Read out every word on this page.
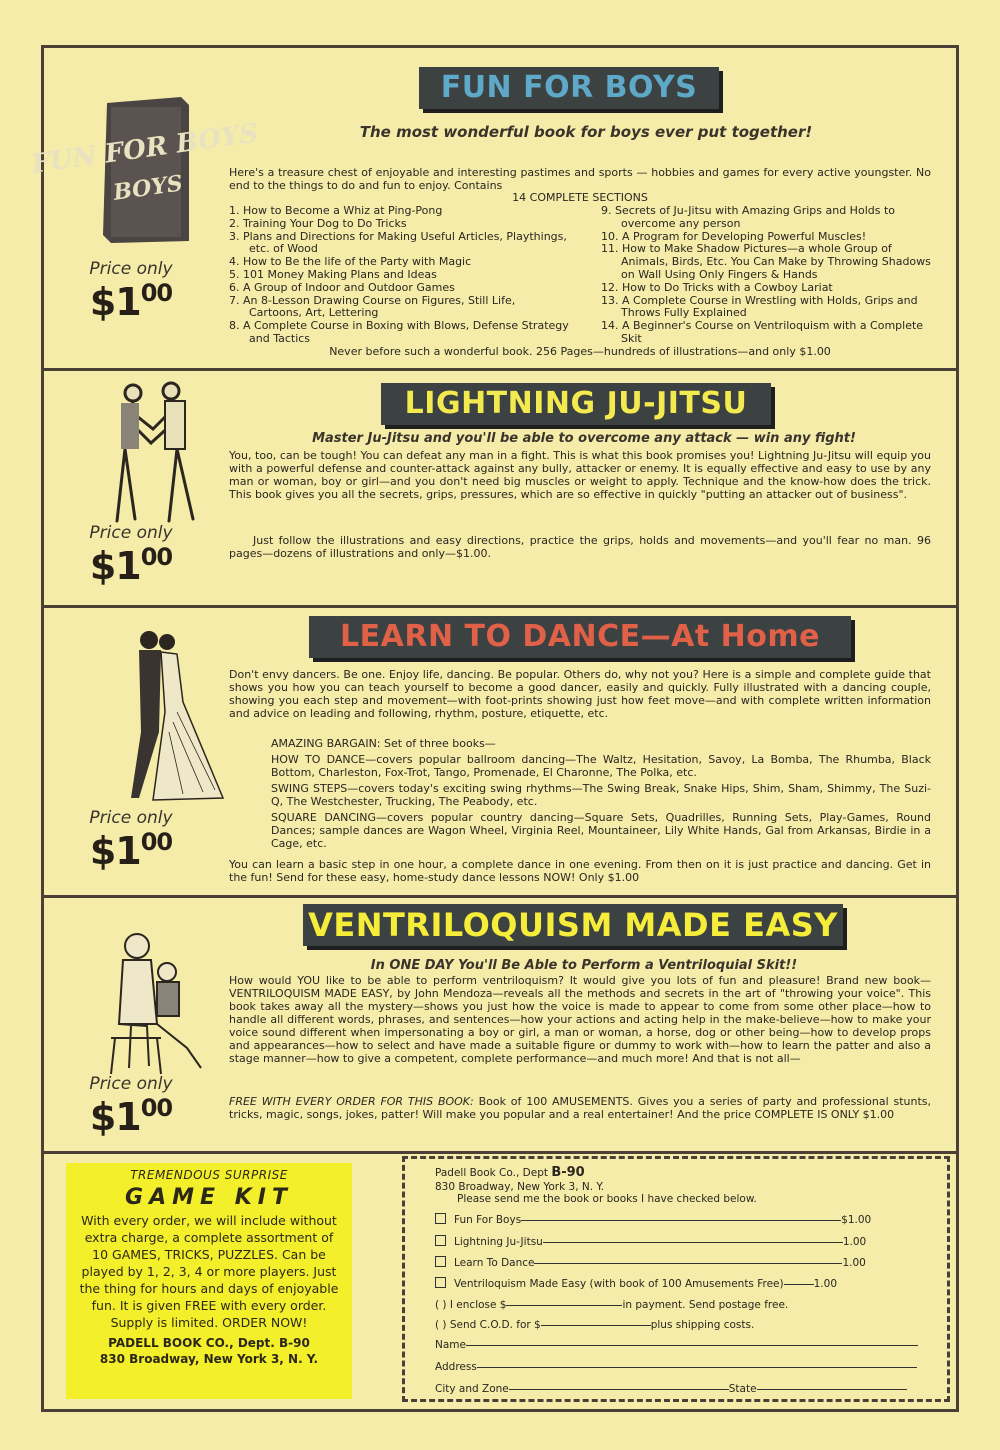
FUN FOR BOYS
BOYS
Price only
$\$1^{00}$
FUN FOR BOYS
The most wonderful book for boys ever put together!
Here's a treasure chest of enjoyable and interesting pastimes and sports — hobbies and games for every active youngster. No end to the things to do and fun to enjoy. Contains
14 COMPLETE SECTIONS
1. How to Become a Whiz at Ping-Pong
2. Training Your Dog to Do Tricks
3. Plans and Directions for Making Useful Articles, Playthings, etc. of Wood
4. How to Be the life of the Party with Magic
5. 101 Money Making Plans and Ideas
6. A Group of Indoor and Outdoor Games
7. An 8-Lesson Drawing Course on Figures, Still Life, Cartoons, Art, Lettering
8. A Complete Course in Boxing with Blows, Defense Strategy and Tactics
9. Secrets of Ju-Jitsu with Amazing Grips and Holds to overcome any person
10. A Program for Developing Powerful Muscles!
11. How to Make Shadow Pictures—a whole Group of Animals, Birds, Etc. You Can Make by Throwing Shadows on Wall Using Only Fingers & Hands
12. How to Do Tricks with a Cowboy Lariat
13. A Complete Course in Wrestling with Holds, Grips and Throws Fully Explained
14. A Beginner's Course on Ventriloquism with a Complete Skit
Never before such a wonderful book. 256 Pages—hundreds of illustrations—and only $1.00
Price only
$\$1^{00}$
LIGHTNING JU-JITSU
Master Ju-Jitsu and you'll be able to overcome any attack — win any fight!
You, too, can be tough! You can defeat any man in a fight. This is what this book promises you! Lightning Ju-Jitsu will equip you with a powerful defense and counter-attack against any bully, attacker or enemy. It is equally effective and easy to use by any man or woman, boy or girl—and you don't need big muscles or weight to apply. Technique and the know-how does the trick. This book gives you all the secrets, grips, pressures, which are so effective in quickly "putting an attacker out of business".
Just follow the illustrations and easy directions, practice the grips, holds and movements—and you'll fear no man. 96 pages—dozens of illustrations and only—$1.00.
Price only
$\$1^{00}$
LEARN TO DANCE—At Home
Don't envy dancers. Be one. Enjoy life, dancing. Be popular. Others do, why not you? Here is a simple and complete guide that shows you how you can teach yourself to become a good dancer, easily and quickly. Fully illustrated with a dancing couple, showing you each step and movement—with foot-prints showing just how feet move—and with complete written information and advice on leading and following, rhythm, posture, etiquette, etc.
AMAZING BARGAIN: Set of three books—
HOW TO DANCE—covers popular ballroom dancing—The Waltz, Hesitation, Savoy, La Bomba, The Rhumba, Black Bottom, Charleston, Fox-Trot, Tango, Promenade, El Charonne, The Polka, etc.
SWING STEPS—covers today's exciting swing rhythms—The Swing Break, Snake Hips, Shim, Sham, Shimmy, The Suzi-Q, The Westchester, Trucking, The Peabody, etc.
SQUARE DANCING—covers popular country dancing—Square Sets, Quadrilles, Running Sets, Play-Games, Round Dances; sample dances are Wagon Wheel, Virginia Reel, Mountaineer, Lily White Hands, Gal from Arkansas, Birdie in a Cage, etc.
You can learn a basic step in one hour, a complete dance in one evening. From then on it is just practice and dancing. Get in the fun! Send for these easy, home-study dance lessons NOW! Only $1.00
Price only
$\$1^{00}$
VENTRILOQUISM MADE EASY
In ONE DAY You'll Be Able to Perform a Ventriloquial Skit!!
How would YOU like to be able to perform ventriloquism? It would give you lots of fun and pleasure! Brand new book—VENTRILOQUISM MADE EASY, by John Mendoza—reveals all the methods and secrets in the art of "throwing your voice". This book takes away all the mystery—shows you just how the voice is made to appear to come from some other place—how to handle all different words, phrases, and sentences—how your actions and acting help in the make-believe—how to make your voice sound different when impersonating a boy or girl, a man or woman, a horse, dog or other being—how to develop props and appearances—how to select and have made a suitable figure or dummy to work with—how to learn the patter and also a stage manner—how to give a competent, complete performance—and much more! And that is not all—
FREE WITH EVERY ORDER FOR THIS BOOK: Book of 100 AMUSEMENTS. Gives you a series of party and professional stunts, tricks, magic, songs, jokes, patter! Will make you popular and a real entertainer! And the price COMPLETE IS ONLY $1.00
TREMENDOUS SURPRISE
GAME KIT
With every order, we will include without extra charge, a complete assortment of 10 GAMES, TRICKS, PUZZLES. Can be played by 1, 2, 3, 4 or more players. Just the thing for hours and days of enjoyable fun. It is given FREE with every order. Supply is limited. ORDER NOW!
PADELL BOOK CO., Dept. B-90
830 Broadway, New York 3, N. Y.
Padell Book Co., Dept B-90
830 Broadway, New York 3, N. Y.
Please send me the book or books I have checked below.
Fun For Boys	$1.00
Lightning Ju-Jitsu	1.00
Learn To Dance	1.00
Ventriloquism Made Easy (with book of 100 Amusements Free)	1.00
( ) I enclose $	in payment. Send postage free.
( ) Send C.O.D. for $	plus shipping costs.
Name
Address
City and Zone	State
